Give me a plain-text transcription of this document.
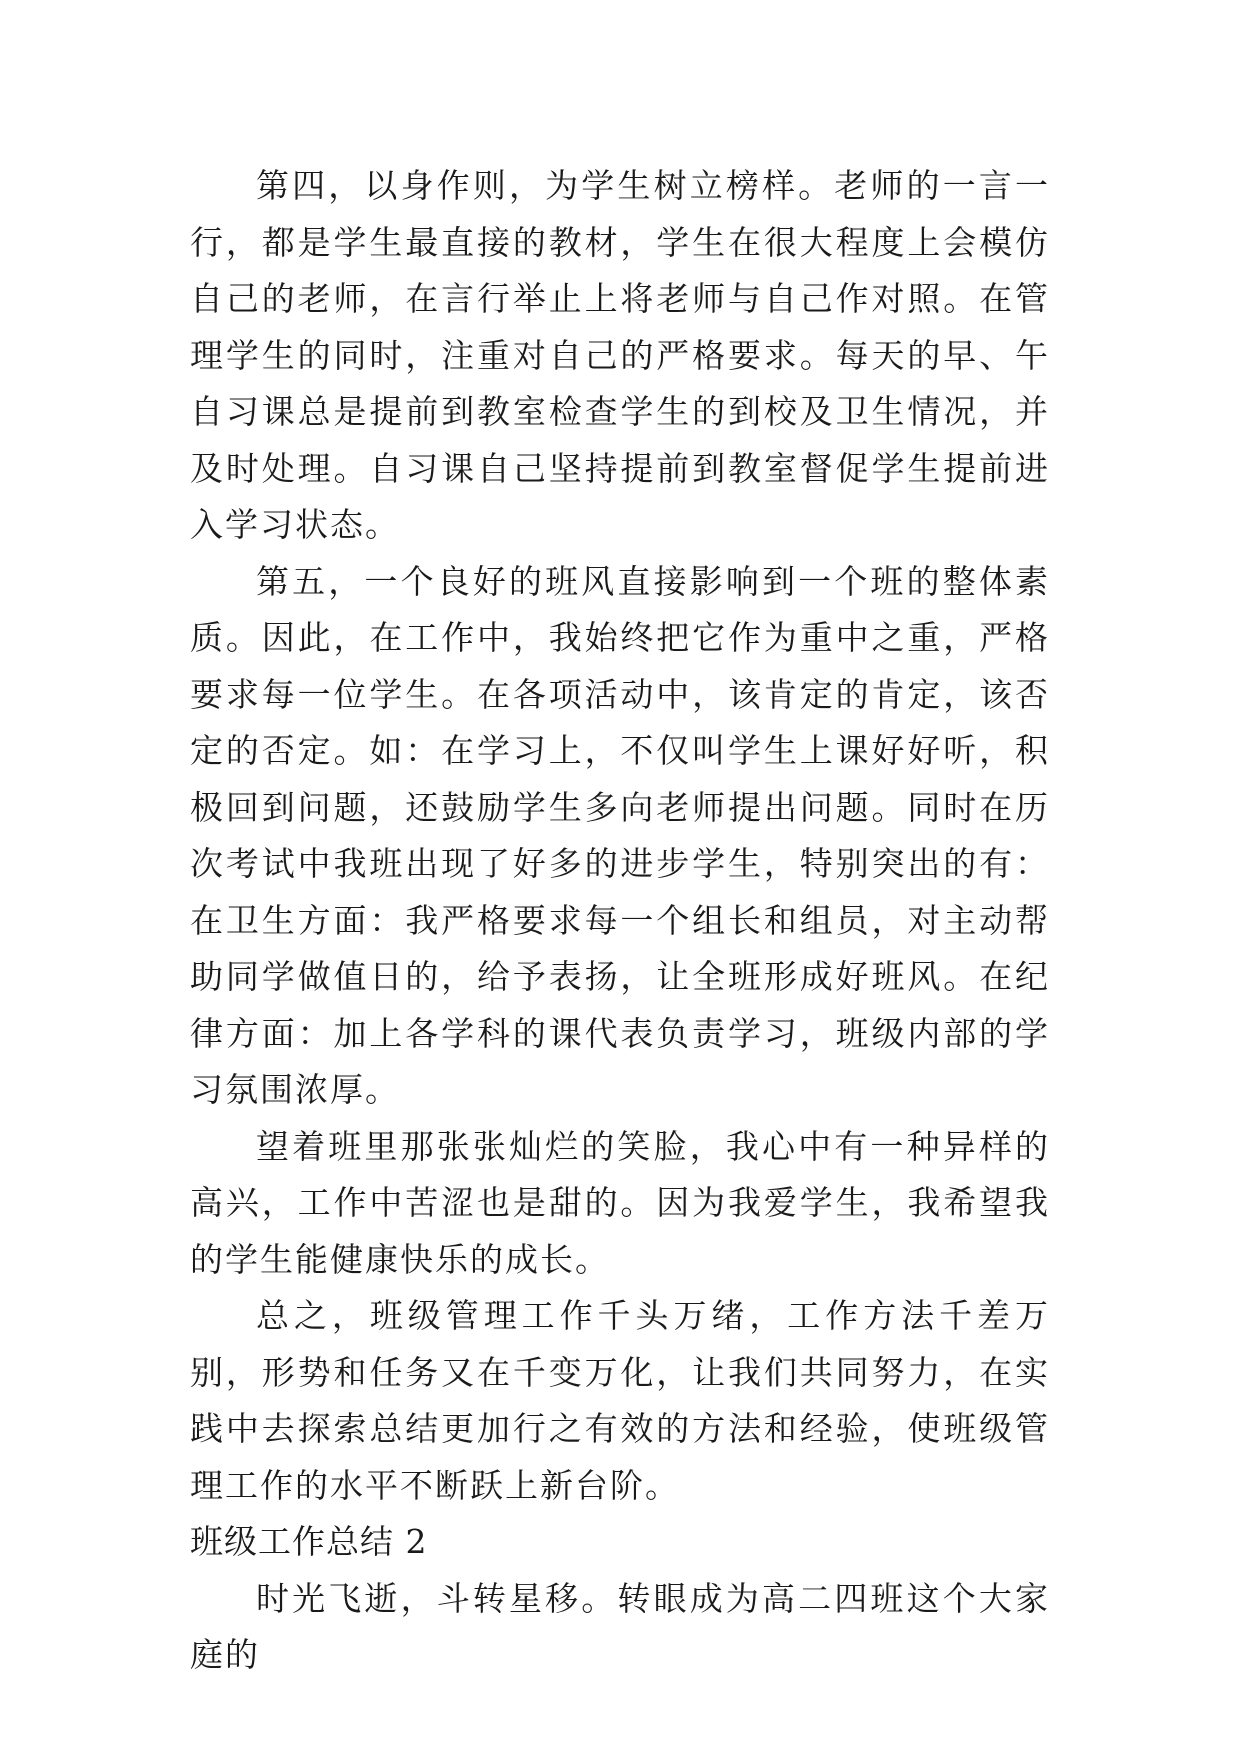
第四，以身作则，为学生树立榜样。老师的一言一行，都是学生最直接的教材，学生在很大程度上会模仿自己的老师，在言行举止上将老师与自己作对照。在管理学生的同时，注重对自己的严格要求。每天的早、午自习课总是提前到教室检查学生的到校及卫生情况，并及时处理。自习课自己坚持提前到教室督促学生提前进入学习状态。

第五，一个良好的班风直接影响到一个班的整体素质。因此，在工作中，我始终把它作为重中之重，严格要求每一位学生。在各项活动中，该肯定的肯定，该否定的否定。如：在学习上，不仅叫学生上课好好听，积极回到问题，还鼓励学生多向老师提出问题。同时在历次考试中我班出现了好多的进步学生，特别突出的有：在卫生方面：我严格要求每一个组长和组员，对主动帮助同学做值日的，给予表扬，让全班形成好班风。在纪律方面：加上各学科的课代表负责学习，班级内部的学习氛围浓厚。

望着班里那张张灿烂的笑脸，我心中有一种异样的高兴，工作中苦涩也是甜的。因为我爱学生，我希望我的学生能健康快乐的成长。

总之，班级管理工作千头万绪，工作方法千差万别，形势和任务又在千变万化，让我们共同努力，在实践中去探索总结更加行之有效的方法和经验，使班级管理工作的水平不断跃上新台阶。

班级工作总结 2

时光飞逝，斗转星移。转眼成为高二四班这个大家庭的
